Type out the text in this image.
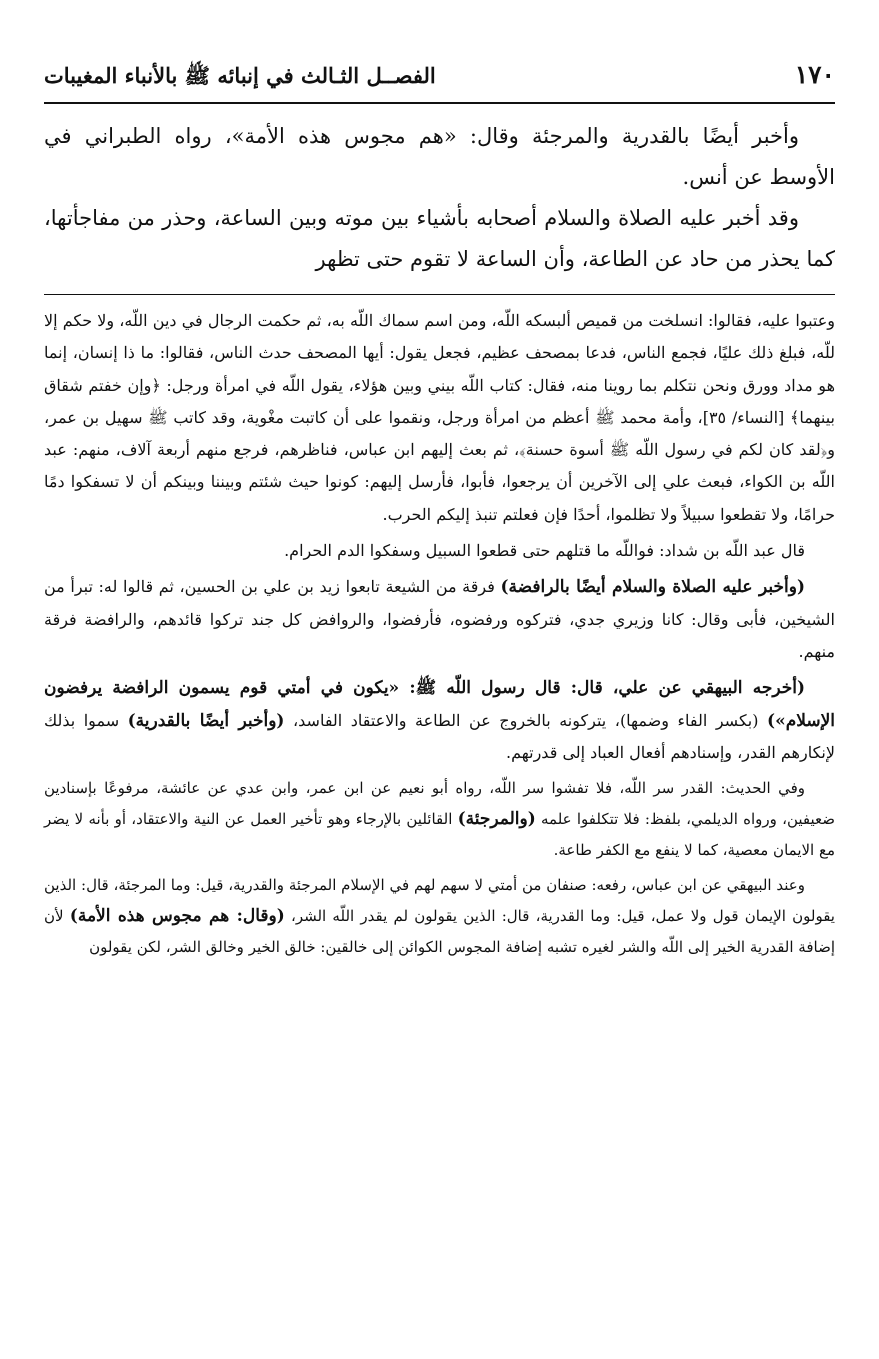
١٧٠
الفصــل الثـالث في إنبائه ﷺ بالأنباء المغيبات

وأخبر أيضًا بالقدرية والمرجئة وقال: «هم مجوس هذه الأمة»، رواه الطبراني في الأوسط عن أنس.

وقد أخبر عليه الصلاة والسلام أصحابه بأشياء بين موته وبين الساعة، وحذر من مفاجأتها، كما يحذر من حاد عن الطاعة، وأن الساعة لا تقوم حتى تظهر

وعتبوا عليه، فقالوا: انسلخت من قميص ألبسكه اللّه، ومن اسم سماك اللّه به، ثم حكمت الرجال في دين اللّه، ولا حكم إلا للّه، فبلغ ذلك عليًا، فجمع الناس، فدعا بمصحف عظيم، فجعل يقول: أيها المصحف حدث الناس، فقالوا: ما ذا إنسان، إنما هو مداد وورق ونحن نتكلم بما روينا منه، فقال: كتاب اللّه بيني وبين هؤلاء، يقول اللّه في امرأة ورجل: ﴿وإن خفتم شقاق بينهما﴾ [النساء/ ٣٥]، وأمة محمد ﷺ أعظم من امرأة ورجل، ونقموا على أن كاتبت مغْوية، وقد كاتب ﷺ سهيل بن عمر، و﴿لقد كان لكم في رسول اللّه ﷺ أسوة حسنة﴾، ثم بعث إليهم ابن عباس، فناظرهم، فرجع منهم أربعة آلاف، منهم: عبد اللّه بن الكواء، فبعث علي إلى الآخرين أن يرجعوا، فأبوا، فأرسل إليهم: كونوا حيث شئتم وبيننا وبينكم أن لا تسفكوا دمًا حرامًا، ولا تقطعوا سبيلاً ولا تظلموا، أحدًا فإن فعلتم تنبذ إليكم الحرب.

قال عبد اللّه بن شداد: فواللّه ما قتلهم حتى قطعوا السبيل وسفكوا الدم الحرام.

(وأخبر عليه الصلاة والسلام أيضًا بالرافضة) فرقة من الشيعة تابعوا زيد بن علي بن الحسين، ثم قالوا له: تبرأ من الشيخين، فأبى وقال: كانا وزيري جدي، فتركوه ورفضوه، فأرفضوا، والروافض كل جند تركوا قائدهم، والرافضة فرقة منهم.

(أخرجه البيهقي عن علي، قال: قال رسول اللّه ﷺ: «يكون في أمتي قوم يسمون الرافضة يرفضون الإسلام») (بكسر الفاء وضمها)، يتركونه بالخروج عن الطاعة والاعتقاد الفاسد، (وأخبر أيضًا بالقدرية) سموا بذلك لإنكارهم القدر، وإسنادهم أفعال العباد إلى قدرتهم.

وفي الحديث: القدر سر اللّه، فلا تفشوا سر اللّه، رواه أبو نعيم عن ابن عمر، وابن عدي عن عائشة، مرفوعًا بإسنادين ضعيفين، ورواه الديلمي، بلفظ: فلا تتكلفوا علمه (والمرجئة) القائلين بالإرجاء وهو تأخير العمل عن النية والاعتقاد، أو بأنه لا يضر مع الايمان معصية، كما لا ينفع مع الكفر طاعة.

وعند البيهقي عن ابن عباس، رفعه: صنفان من أمتي لا سهم لهم في الإسلام المرجئة والقدرية، قيل: وما المرجئة، قال: الذين يقولون الإيمان قول ولا عمل، قيل: وما القدرية، قال: الذين يقولون لم يقدر اللّه الشر، (وقال: هم مجوس هذه الأمة) لأن إضافة القدرية الخير إلى اللّه والشر لغيره تشبه إضافة المجوس الكوائن إلى خالقين: خالق الخير وخالق الشر، لكن يقولون
